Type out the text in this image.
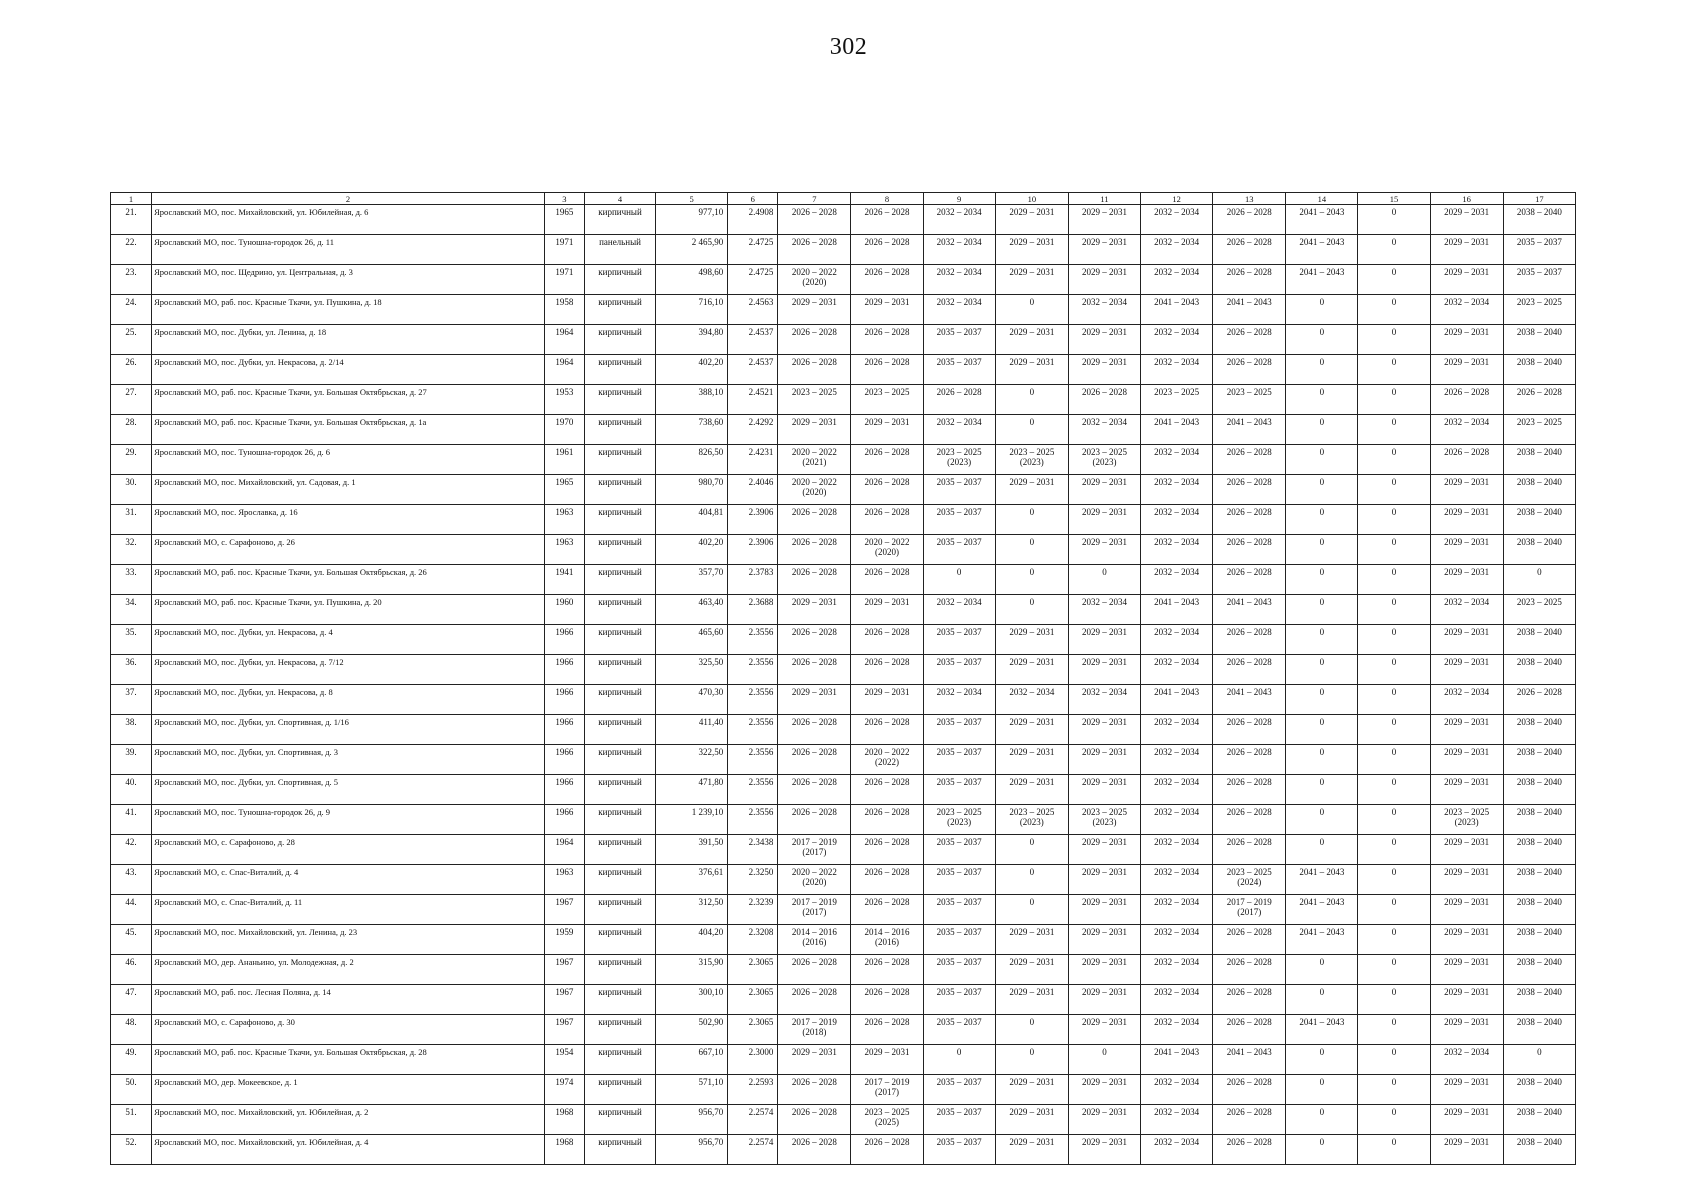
302
1	2	3	4	5	6	7	8	9	10	11	12	13	14	15	16	17
21.	Ярославский МО, пос. Михайловский, ул. Юбилейная, д. 6	1965	кирпичный	977,10	2.4908	2026 – 2028	2026 – 2028	2032 – 2034	2029 – 2031	2029 – 2031	2032 – 2034	2026 – 2028	2041 – 2043	0	2029 – 2031	2038 – 2040
22.	Ярославский МО, пос. Туношна-городок 26, д. 11	1971	панельный	2 465,90	2.4725	2026 – 2028	2026 – 2028	2032 – 2034	2029 – 2031	2029 – 2031	2032 – 2034	2026 – 2028	2041 – 2043	0	2029 – 2031	2035 – 2037
23.	Ярославский МО, пос. Щедрино, ул. Центральная, д. 3	1971	кирпичный	498,60	2.4725	2020 – 2022 (2020)	2026 – 2028	2032 – 2034	2029 – 2031	2029 – 2031	2032 – 2034	2026 – 2028	2041 – 2043	0	2029 – 2031	2035 – 2037
24.	Ярославский МО, раб. пос. Красные Ткачи, ул. Пушкина, д. 18	1958	кирпичный	716,10	2.4563	2029 – 2031	2029 – 2031	2032 – 2034	0	2032 – 2034	2041 – 2043	2041 – 2043	0	0	2032 – 2034	2023 – 2025
25.	Ярославский МО, пос. Дубки, ул. Ленина, д. 18	1964	кирпичный	394,80	2.4537	2026 – 2028	2026 – 2028	2035 – 2037	2029 – 2031	2029 – 2031	2032 – 2034	2026 – 2028	0	0	2029 – 2031	2038 – 2040
26.	Ярославский МО, пос. Дубки, ул. Некрасова, д. 2/14	1964	кирпичный	402,20	2.4537	2026 – 2028	2026 – 2028	2035 – 2037	2029 – 2031	2029 – 2031	2032 – 2034	2026 – 2028	0	0	2029 – 2031	2038 – 2040
27.	Ярославский МО, раб. пос. Красные Ткачи, ул. Большая Октябрьская, д. 27	1953	кирпичный	388,10	2.4521	2023 – 2025	2023 – 2025	2026 – 2028	0	2026 – 2028	2023 – 2025	2023 – 2025	0	0	2026 – 2028	2026 – 2028
28.	Ярославский МО, раб. пос. Красные Ткачи, ул. Большая Октябрьская, д. 1а	1970	кирпичный	738,60	2.4292	2029 – 2031	2029 – 2031	2032 – 2034	0	2032 – 2034	2041 – 2043	2041 – 2043	0	0	2032 – 2034	2023 – 2025
29.	Ярославский МО, пос. Туношна-городок 26, д. 6	1961	кирпичный	826,50	2.4231	2020 – 2022 (2021)	2026 – 2028	2023 – 2025 (2023)	2023 – 2025 (2023)	2023 – 2025 (2023)	2032 – 2034	2026 – 2028	0	0	2026 – 2028	2038 – 2040
30.	Ярославский МО, пос. Михайловский, ул. Садовая, д. 1	1965	кирпичный	980,70	2.4046	2020 – 2022 (2020)	2026 – 2028	2035 – 2037	2029 – 2031	2029 – 2031	2032 – 2034	2026 – 2028	0	0	2029 – 2031	2038 – 2040
31.	Ярославский МО, пос. Ярославка, д. 16	1963	кирпичный	404,81	2.3906	2026 – 2028	2026 – 2028	2035 – 2037	0	2029 – 2031	2032 – 2034	2026 – 2028	0	0	2029 – 2031	2038 – 2040
32.	Ярославский МО, с. Сарафоново, д. 26	1963	кирпичный	402,20	2.3906	2026 – 2028	2020 – 2022 (2020)	2035 – 2037	0	2029 – 2031	2032 – 2034	2026 – 2028	0	0	2029 – 2031	2038 – 2040
33.	Ярославский МО, раб. пос. Красные Ткачи, ул. Большая Октябрьская, д. 26	1941	кирпичный	357,70	2.3783	2026 – 2028	2026 – 2028	0	0	0	2032 – 2034	2026 – 2028	0	0	2029 – 2031	0
34.	Ярославский МО, раб. пос. Красные Ткачи, ул. Пушкина, д. 20	1960	кирпичный	463,40	2.3688	2029 – 2031	2029 – 2031	2032 – 2034	0	2032 – 2034	2041 – 2043	2041 – 2043	0	0	2032 – 2034	2023 – 2025
35.	Ярославский МО, пос. Дубки, ул. Некрасова, д. 4	1966	кирпичный	465,60	2.3556	2026 – 2028	2026 – 2028	2035 – 2037	2029 – 2031	2029 – 2031	2032 – 2034	2026 – 2028	0	0	2029 – 2031	2038 – 2040
36.	Ярославский МО, пос. Дубки, ул. Некрасова, д. 7/12	1966	кирпичный	325,50	2.3556	2026 – 2028	2026 – 2028	2035 – 2037	2029 – 2031	2029 – 2031	2032 – 2034	2026 – 2028	0	0	2029 – 2031	2038 – 2040
37.	Ярославский МО, пос. Дубки, ул. Некрасова, д. 8	1966	кирпичный	470,30	2.3556	2029 – 2031	2029 – 2031	2032 – 2034	2032 – 2034	2032 – 2034	2041 – 2043	2041 – 2043	0	0	2032 – 2034	2026 – 2028
38.	Ярославский МО, пос. Дубки, ул. Спортивная, д. 1/16	1966	кирпичный	411,40	2.3556	2026 – 2028	2026 – 2028	2035 – 2037	2029 – 2031	2029 – 2031	2032 – 2034	2026 – 2028	0	0	2029 – 2031	2038 – 2040
39.	Ярославский МО, пос. Дубки, ул. Спортивная, д. 3	1966	кирпичный	322,50	2.3556	2026 – 2028	2020 – 2022 (2022)	2035 – 2037	2029 – 2031	2029 – 2031	2032 – 2034	2026 – 2028	0	0	2029 – 2031	2038 – 2040
40.	Ярославский МО, пос. Дубки, ул. Спортивная, д. 5	1966	кирпичный	471,80	2.3556	2026 – 2028	2026 – 2028	2035 – 2037	2029 – 2031	2029 – 2031	2032 – 2034	2026 – 2028	0	0	2029 – 2031	2038 – 2040
41.	Ярославский МО, пос. Туношна-городок 26, д. 9	1966	кирпичный	1 239,10	2.3556	2026 – 2028	2026 – 2028	2023 – 2025 (2023)	2023 – 2025 (2023)	2023 – 2025 (2023)	2032 – 2034	2026 – 2028	0	0	2023 – 2025 (2023)	2038 – 2040
42.	Ярославский МО, с. Сарафоново, д. 28	1964	кирпичный	391,50	2.3438	2017 – 2019 (2017)	2026 – 2028	2035 – 2037	0	2029 – 2031	2032 – 2034	2026 – 2028	0	0	2029 – 2031	2038 – 2040
43.	Ярославский МО, с. Спас-Виталий, д. 4	1963	кирпичный	376,61	2.3250	2020 – 2022 (2020)	2026 – 2028	2035 – 2037	0	2029 – 2031	2032 – 2034	2023 – 2025 (2024)	2041 – 2043	0	2029 – 2031	2038 – 2040
44.	Ярославский МО, с. Спас-Виталий, д. 11	1967	кирпичный	312,50	2.3239	2017 – 2019 (2017)	2026 – 2028	2035 – 2037	0	2029 – 2031	2032 – 2034	2017 – 2019 (2017)	2041 – 2043	0	2029 – 2031	2038 – 2040
45.	Ярославский МО, пос. Михайловский, ул. Ленина, д. 23	1959	кирпичный	404,20	2.3208	2014 – 2016 (2016)	2014 – 2016 (2016)	2035 – 2037	2029 – 2031	2029 – 2031	2032 – 2034	2026 – 2028	2041 – 2043	0	2029 – 2031	2038 – 2040
46.	Ярославский МО, дер. Ананьино, ул. Молодежная, д. 2	1967	кирпичный	315,90	2.3065	2026 – 2028	2026 – 2028	2035 – 2037	2029 – 2031	2029 – 2031	2032 – 2034	2026 – 2028	0	0	2029 – 2031	2038 – 2040
47.	Ярославский МО, раб. пос. Лесная Поляна, д. 14	1967	кирпичный	300,10	2.3065	2026 – 2028	2026 – 2028	2035 – 2037	2029 – 2031	2029 – 2031	2032 – 2034	2026 – 2028	0	0	2029 – 2031	2038 – 2040
48.	Ярославский МО, с. Сарафоново, д. 30	1967	кирпичный	502,90	2.3065	2017 – 2019 (2018)	2026 – 2028	2035 – 2037	0	2029 – 2031	2032 – 2034	2026 – 2028	2041 – 2043	0	2029 – 2031	2038 – 2040
49.	Ярославский МО, раб. пос. Красные Ткачи, ул. Большая Октябрьская, д. 28	1954	кирпичный	667,10	2.3000	2029 – 2031	2029 – 2031	0	0	0	2041 – 2043	2041 – 2043	0	0	2032 – 2034	0
50.	Ярославский МО, дер. Мокеевское, д. 1	1974	кирпичный	571,10	2.2593	2026 – 2028	2017 – 2019 (2017)	2035 – 2037	2029 – 2031	2029 – 2031	2032 – 2034	2026 – 2028	0	0	2029 – 2031	2038 – 2040
51.	Ярославский МО, пос. Михайловский, ул. Юбилейная, д. 2	1968	кирпичный	956,70	2.2574	2026 – 2028	2023 – 2025 (2025)	2035 – 2037	2029 – 2031	2029 – 2031	2032 – 2034	2026 – 2028	0	0	2029 – 2031	2038 – 2040
52.	Ярославский МО, пос. Михайловский, ул. Юбилейная, д. 4	1968	кирпичный	956,70	2.2574	2026 – 2028	2026 – 2028	2035 – 2037	2029 – 2031	2029 – 2031	2032 – 2034	2026 – 2028	0	0	2029 – 2031	2038 – 2040
